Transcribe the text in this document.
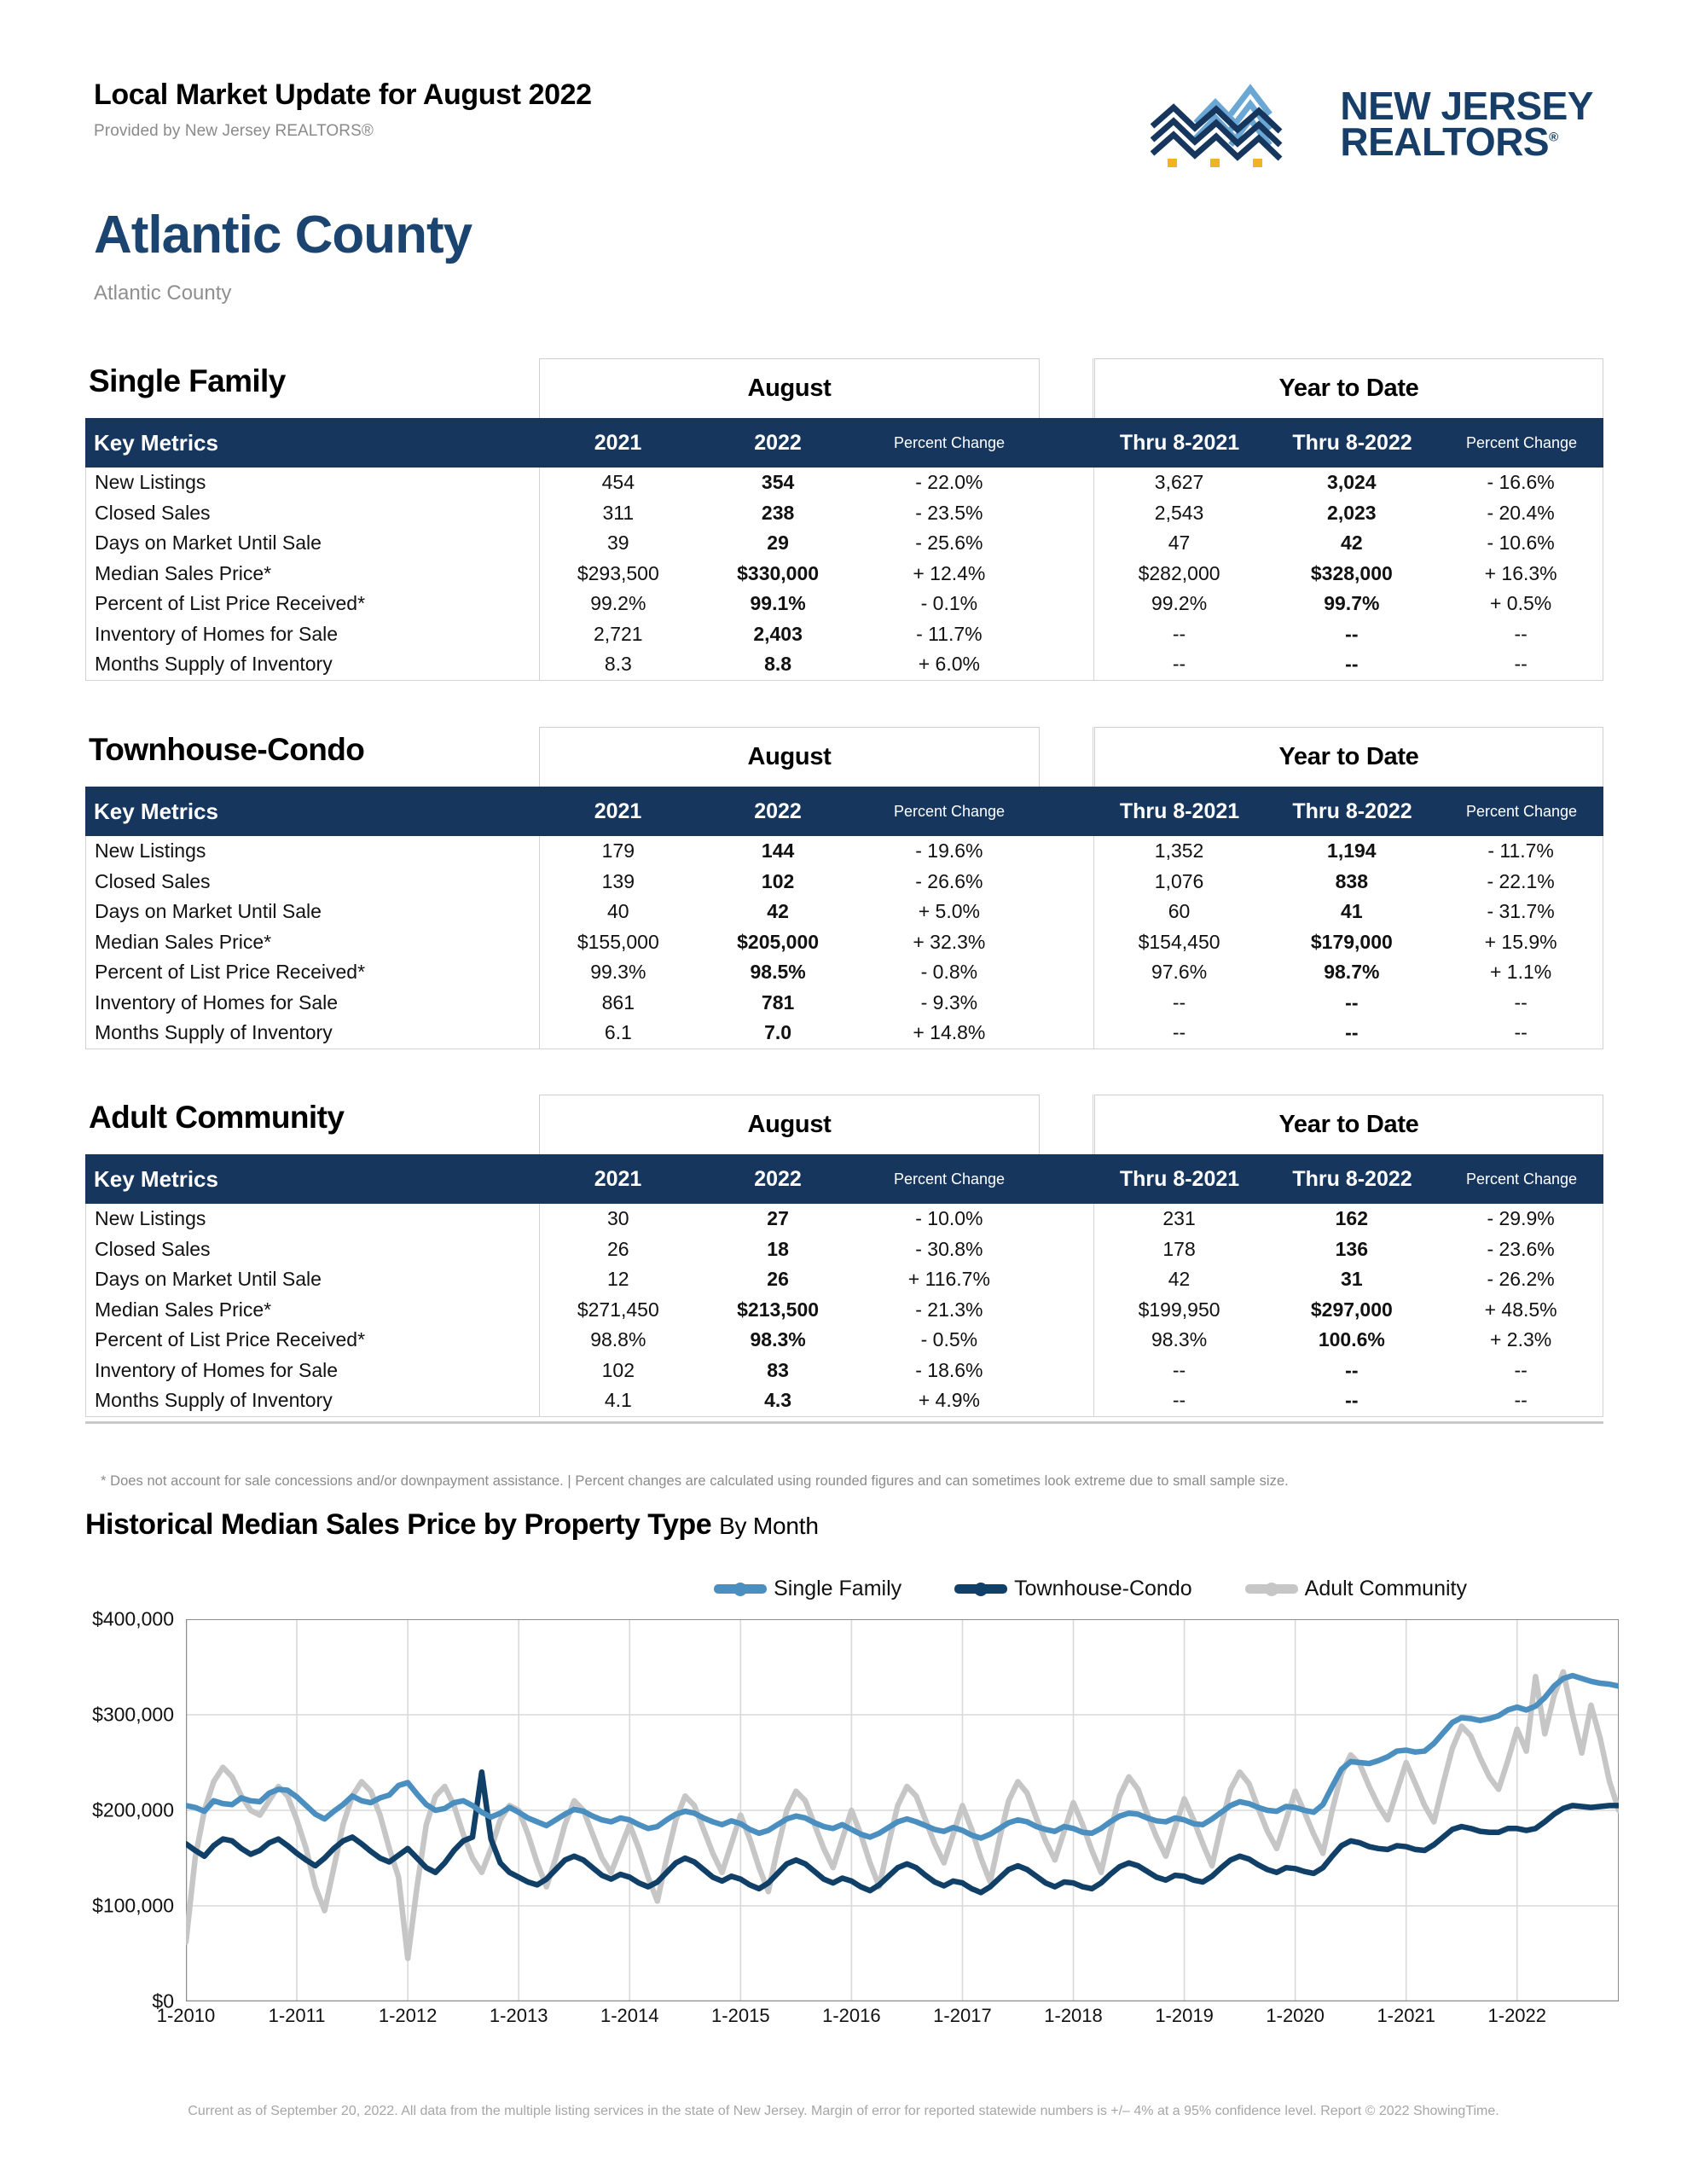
Local Market Update for August 2022
Provided by New Jersey REALTORS®
NEW JERSEY
REALTORS®
Atlantic County
Atlantic County
Single Family	August	Year to Date
Key Metrics	2021	2022	Percent Change	Thru 8-2021	Thru 8-2022	Percent Change
New Listings	454	354	- 22.0%	3,627	3,024	- 16.6%
Closed Sales	311	238	- 23.5%	2,543	2,023	- 20.4%
Days on Market Until Sale	39	29	- 25.6%	47	42	- 10.6%
Median Sales Price*	$293,500	$330,000	+ 12.4%	$282,000	$328,000	+ 16.3%
Percent of List Price Received*	99.2%	99.1%	- 0.1%	99.2%	99.7%	+ 0.5%
Inventory of Homes for Sale	2,721	2,403	- 11.7%	--	--	--
Months Supply of Inventory	8.3	8.8	+ 6.0%	--	--	--
Townhouse-Condo	August	Year to Date
Key Metrics	2021	2022	Percent Change	Thru 8-2021	Thru 8-2022	Percent Change
New Listings	179	144	- 19.6%	1,352	1,194	- 11.7%
Closed Sales	139	102	- 26.6%	1,076	838	- 22.1%
Days on Market Until Sale	40	42	+ 5.0%	60	41	- 31.7%
Median Sales Price*	$155,000	$205,000	+ 32.3%	$154,450	$179,000	+ 15.9%
Percent of List Price Received*	99.3%	98.5%	- 0.8%	97.6%	98.7%	+ 1.1%
Inventory of Homes for Sale	861	781	- 9.3%	--	--	--
Months Supply of Inventory	6.1	7.0	+ 14.8%	--	--	--
Adult Community	August	Year to Date
Key Metrics	2021	2022	Percent Change	Thru 8-2021	Thru 8-2022	Percent Change
New Listings	30	27	- 10.0%	231	162	- 29.9%
Closed Sales	26	18	- 30.8%	178	136	- 23.6%
Days on Market Until Sale	12	26	+ 116.7%	42	31	- 26.2%
Median Sales Price*	$271,450	$213,500	- 21.3%	$199,950	$297,000	+ 48.5%
Percent of List Price Received*	98.8%	98.3%	- 0.5%	98.3%	100.6%	+ 2.3%
Inventory of Homes for Sale	102	83	- 18.6%	--	--	--
Months Supply of Inventory	4.1	4.3	+ 4.9%	--	--	--
* Does not account for sale concessions and/or downpayment assistance. | Percent changes are calculated using rounded figures and can sometimes look extreme due to small sample size.
Historical Median Sales Price by Property Type By Month
Single Family	Townhouse-Condo	Adult Community
$400,000
$300,000
$200,000
$100,000
$0
1-2010	1-2011	1-2012	1-2013	1-2014	1-2015	1-2016	1-2017	1-2018	1-2019	1-2020	1-2021	1-2022
Current as of September 20, 2022. All data from the multiple listing services in the state of New Jersey. Margin of error for reported statewide numbers is +/– 4% at a 95% confidence level. Report © 2022 ShowingTime.
